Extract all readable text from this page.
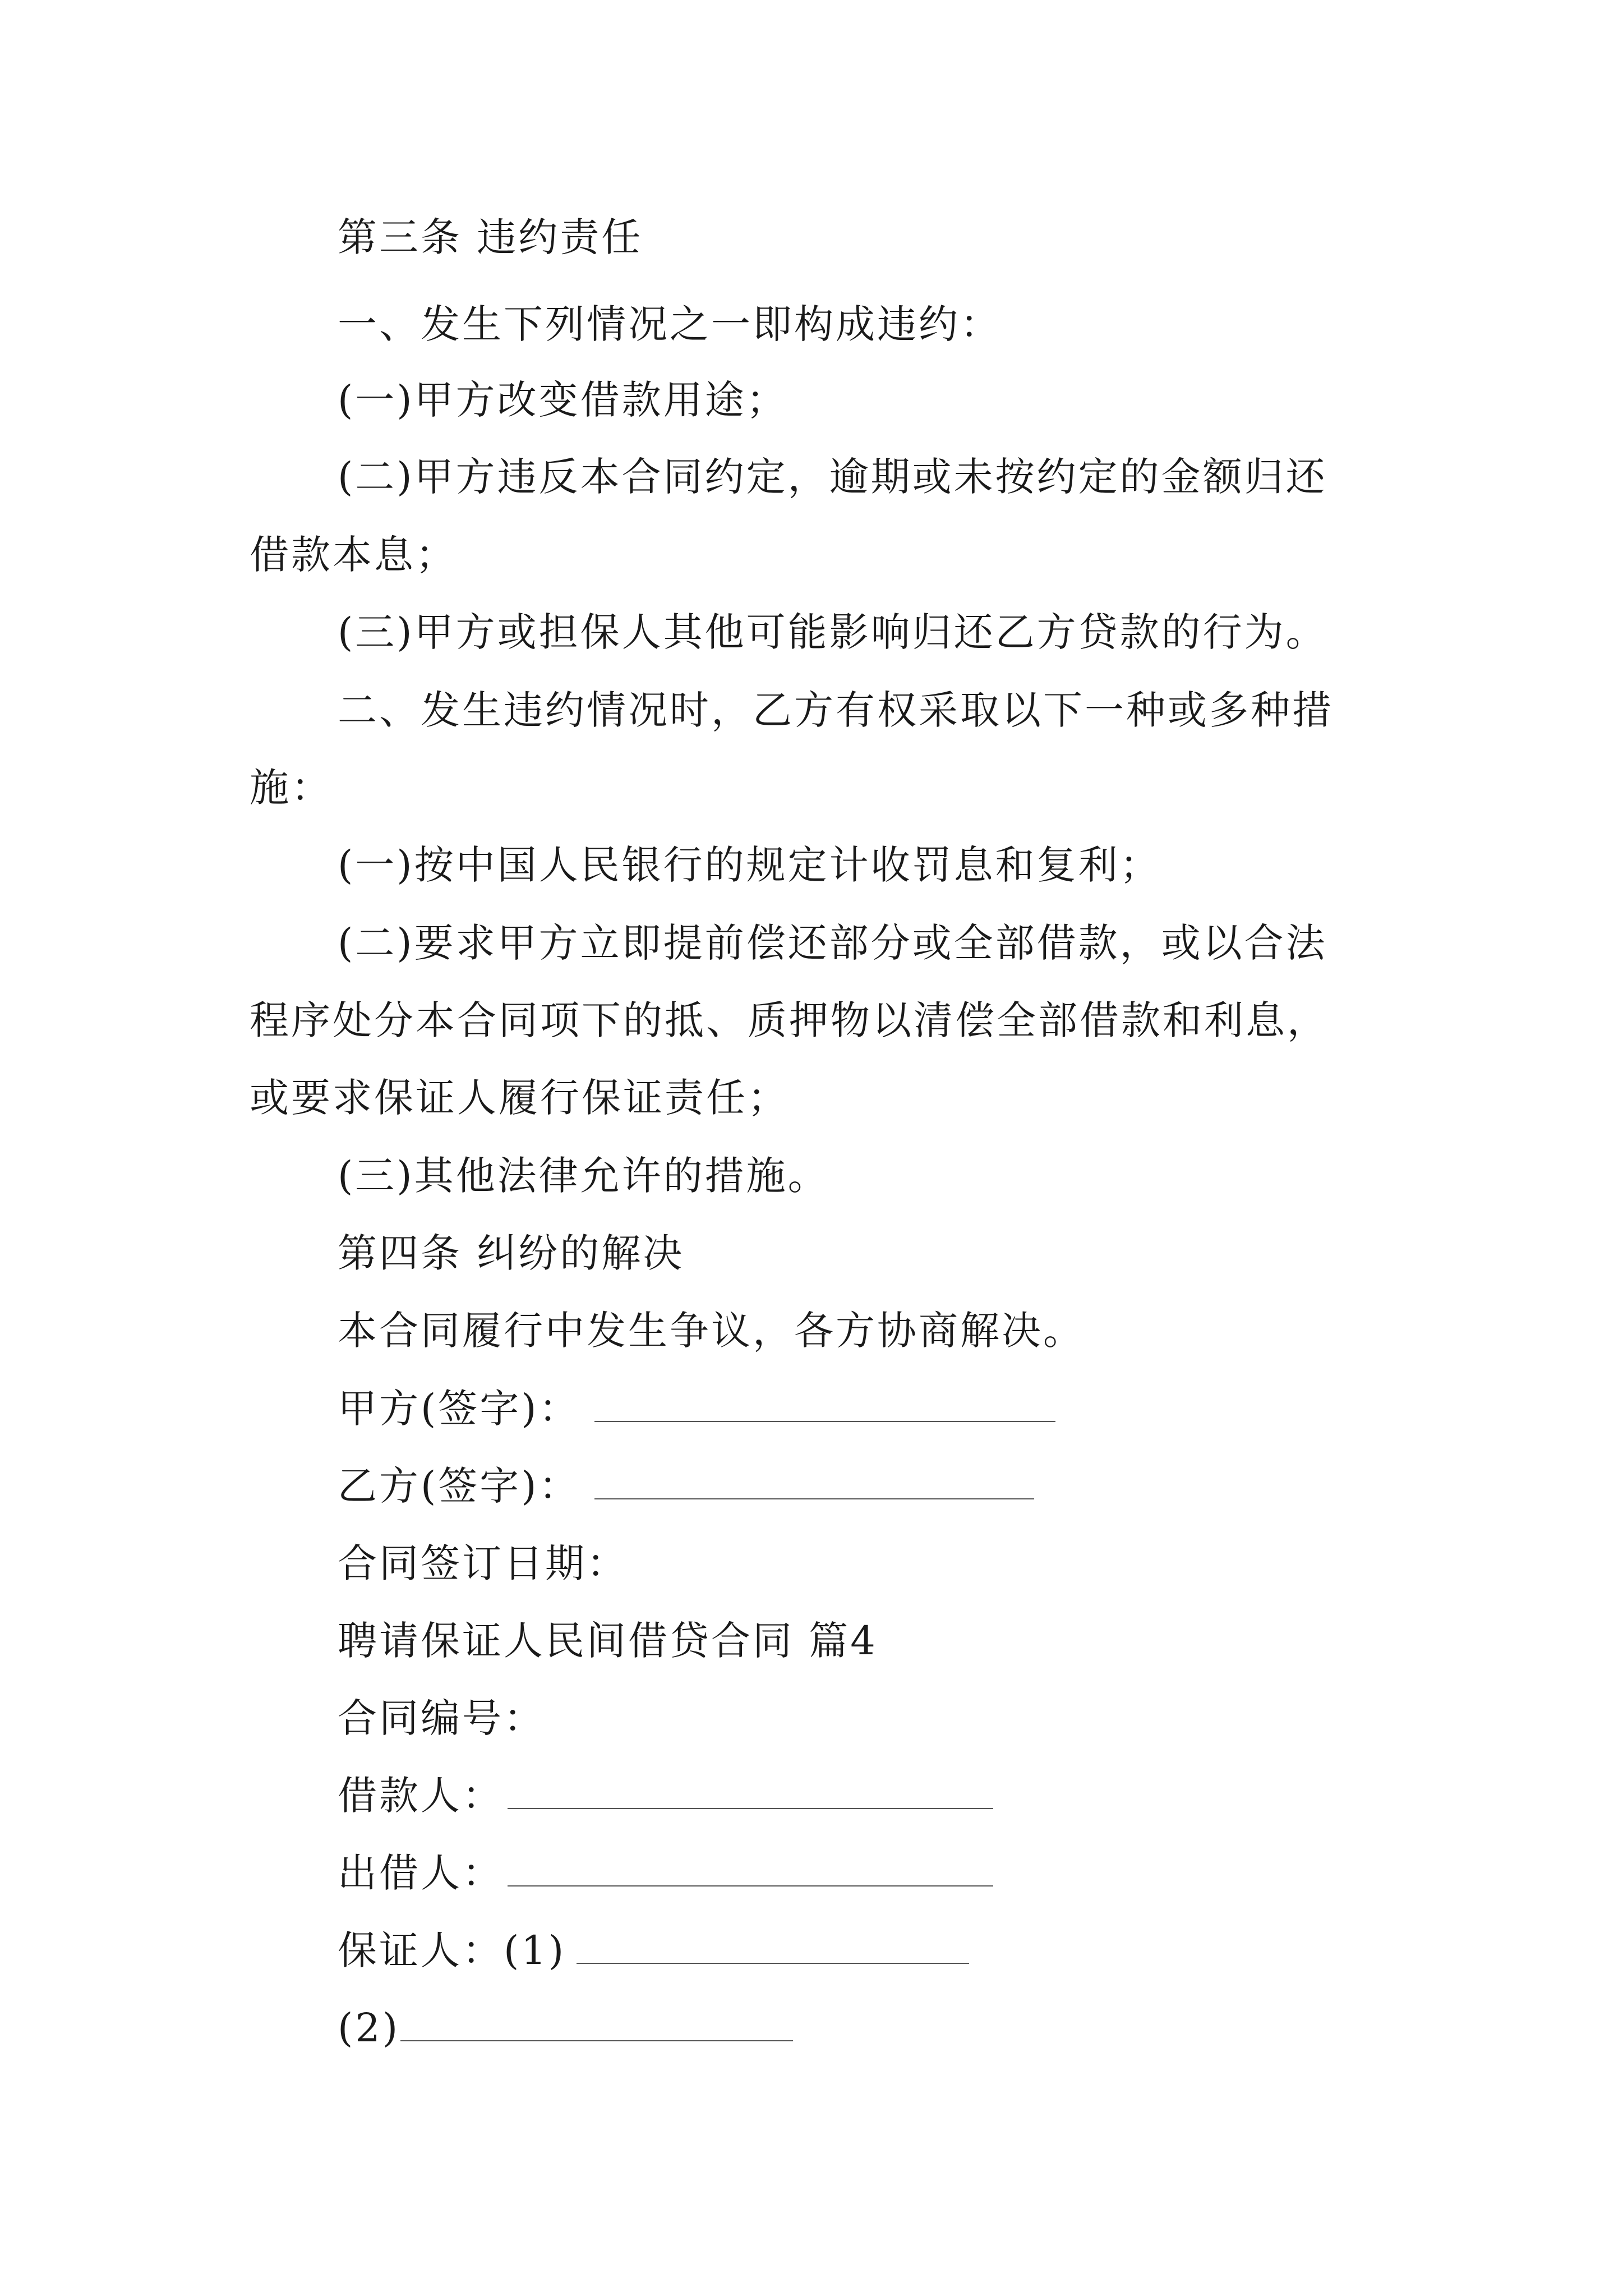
第三条 违约责任
一、发生下列情况之一即构成违约：
(一)甲方改变借款用途；
(二)甲方违反本合同约定，逾期或未按约定的金额归还
借款本息；
(三)甲方或担保人其他可能影响归还乙方贷款的行为。
二、发生违约情况时，乙方有权采取以下一种或多种措
施：
(一)按中国人民银行的规定计收罚息和复利；
(二)要求甲方立即提前偿还部分或全部借款，或以合法
程序处分本合同项下的抵、质押物以清偿全部借款和利息，
或要求保证人履行保证责任；
(三)其他法律允许的措施。
第四条 纠纷的解决
本合同履行中发生争议，各方协商解决。
甲方(签字)：
乙方(签字)：
合同签订日期：
聘请保证人民间借贷合同 篇4
合同编号：
借款人：
出借人：
保证人：(1)
(2)
